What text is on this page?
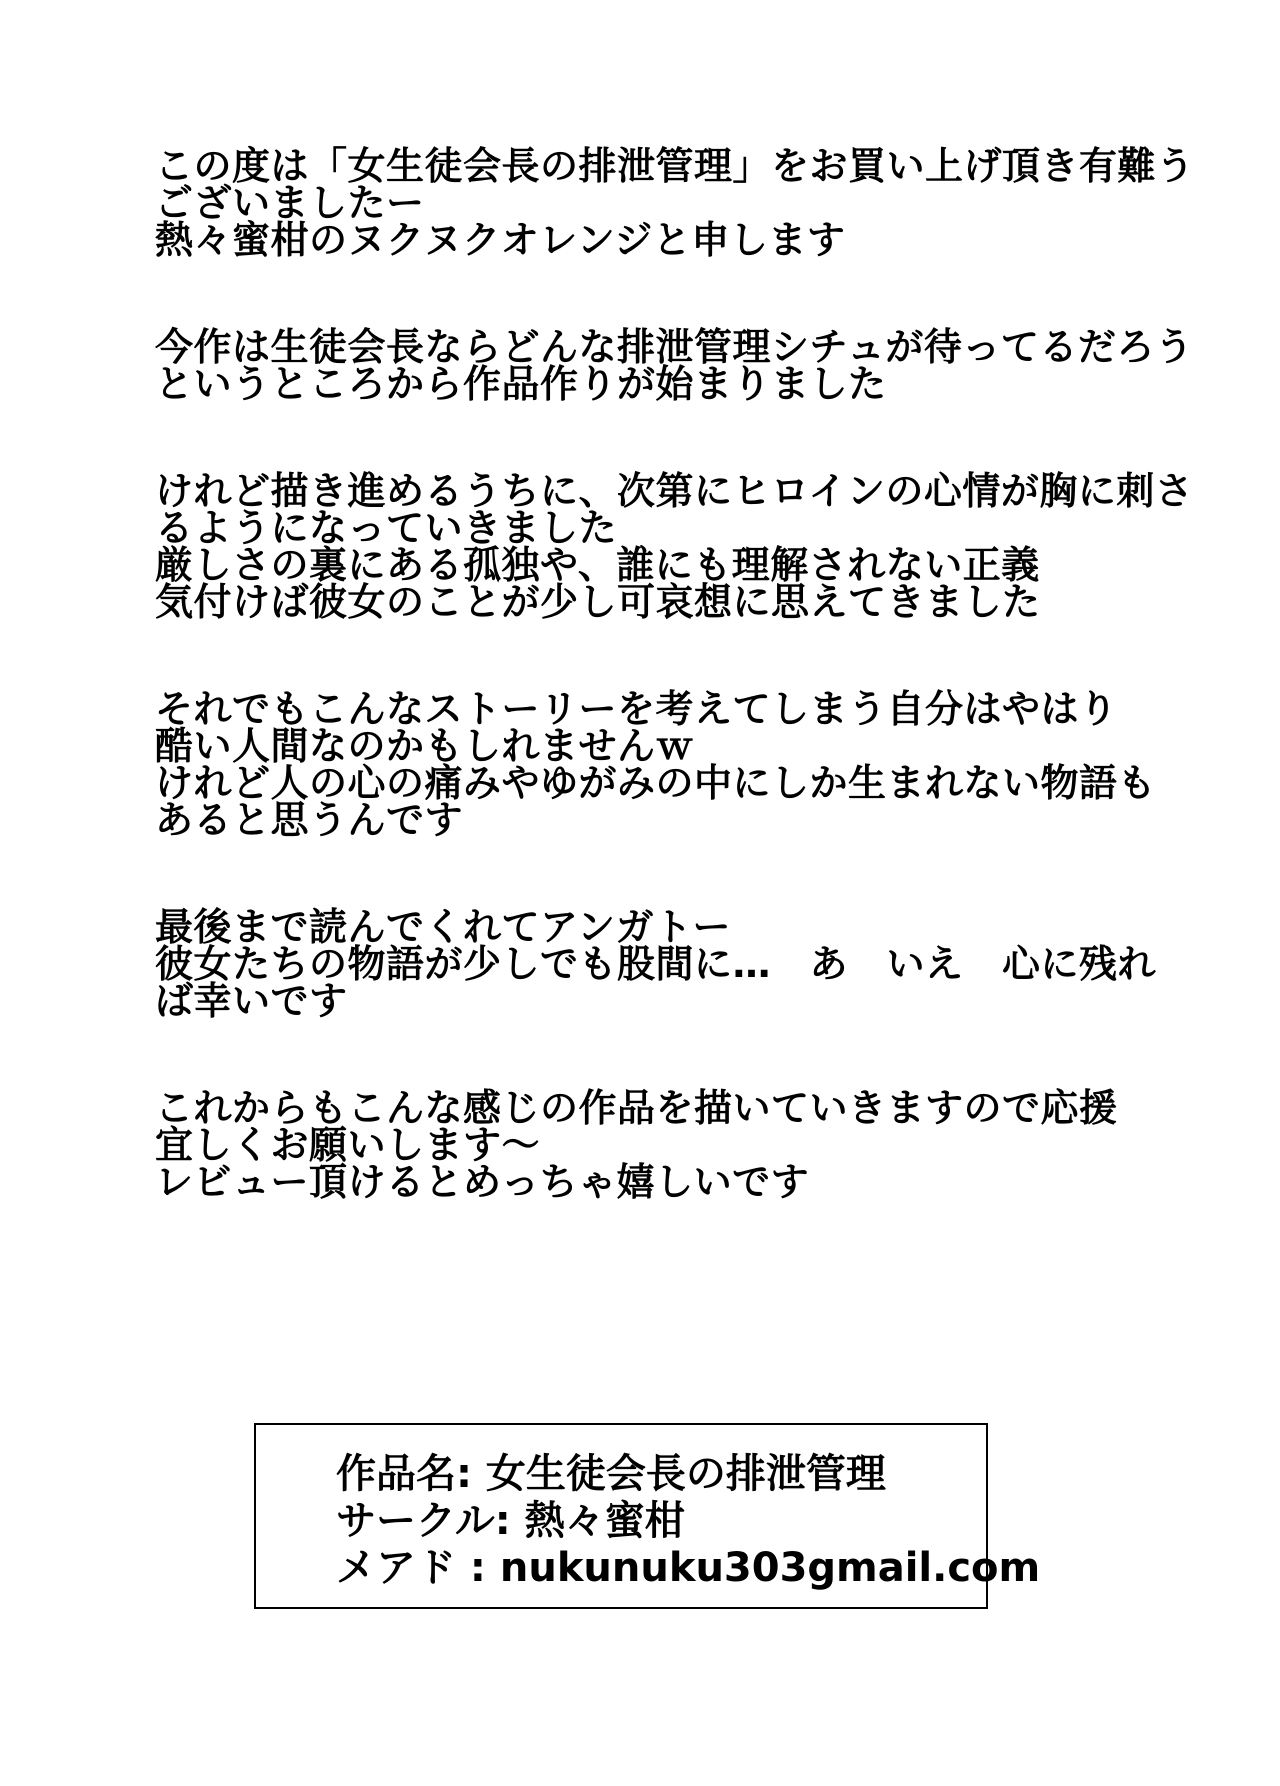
この度は「女生徒会長の排泄管理」をお買い上げ頂き有難う
ございましたー
熱々蜜柑のヌクヌクオレンジと申します
今作は生徒会長ならどんな排泄管理シチュが待ってるだろう
というところから作品作りが始まりました
けれど描き進めるうちに、次第にヒロインの心情が胸に刺さ
るようになっていきました
厳しさの裏にある孤独や、誰にも理解されない正義
気付けば彼女のことが少し可哀想に思えてきました
それでもこんなストーリーを考えてしまう自分はやはり
酷い人間なのかもしれませんｗ
けれど人の心の痛みやゆがみの中にしか生まれない物語も
あると思うんです
最後まで読んでくれてアンガトー
彼女たちの物語が少しでも股間に…　あ　いえ　心に残れ
ば幸いです
これからもこんな感じの作品を描いていきますので応援
宜しくお願いします～
レビュー頂けるとめっちゃ嬉しいです
作品名: 女生徒会長の排泄管理
サークル: 熱々蜜柑
メアド : nukunuku303gmail.com
